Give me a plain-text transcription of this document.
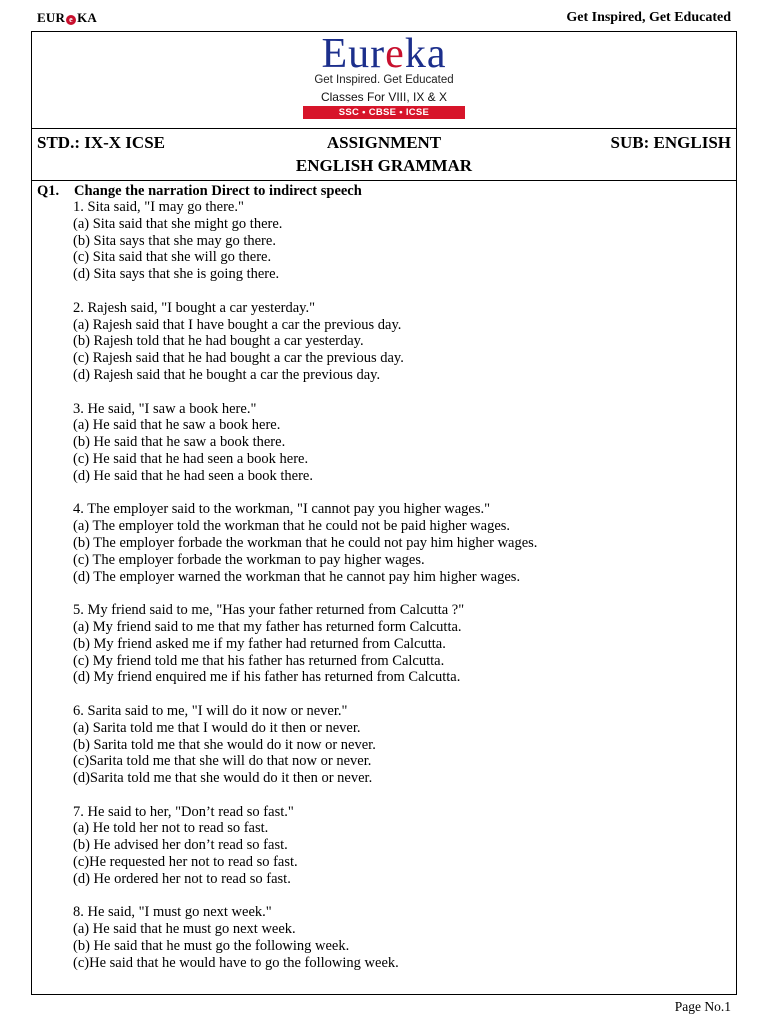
EUR e KA	Get Inspired, Get Educated
Eureka
Get Inspired. Get Educated
Classes For VIII, IX & X
SSC • CBSE • ICSE
STD.: IX-X ICSE	ASSIGNMENT	SUB: ENGLISH
ENGLISH GRAMMAR
Q1. Change the narration Direct to indirect speech
1. Sita said, "I may go there."
(a) Sita said that she might go there.
(b) Sita says that she may go there.
(c) Sita said that she will go there.
(d) Sita says that she is going there.
2. Rajesh said, "I bought a car yesterday."
(a) Rajesh said that I have bought a car the previous day.
(b) Rajesh told that he had bought a car yesterday.
(c) Rajesh said that he had bought a car the previous day.
(d) Rajesh said that he bought a car the previous day.
3. He said, "I saw a book here."
(a) He said that he saw a book here.
(b) He said that he saw a book there.
(c) He said that he had seen a book here.
(d) He said that he had seen a book there.
4. The employer said to the workman, "I cannot pay you higher wages."
(a) The employer told the workman that he could not be paid higher wages.
(b) The employer forbade the workman that he could not pay him higher wages.
(c) The employer forbade the workman to pay higher wages.
(d) The employer warned the workman that he cannot pay him higher wages.
5. My friend said to me, "Has your father returned from Calcutta ?"
(a) My friend said to me that my father has returned form Calcutta.
(b) My friend asked me if my father had returned from Calcutta.
(c) My friend told me that his father has returned from Calcutta.
(d) My friend enquired me if his father has returned from Calcutta.
6. Sarita said to me, "I will do it now or never."
(a) Sarita told me that I would do it then or never.
(b) Sarita told me that she would do it now or never.
(c)Sarita told me that she will do that now or never.
(d)Sarita told me that she would do it then or never.
7. He said to her, "Don’t read so fast."
(a) He told her not to read so fast.
(b) He advised her don’t read so fast.
(c)He requested her not to read so fast.
(d) He ordered her not to read so fast.
8. He said, "I must go next week."
(a) He said that he must go next week.
(b) He said that he must go the following week.
(c)He said that he would have to go the following week.
Page No.1
